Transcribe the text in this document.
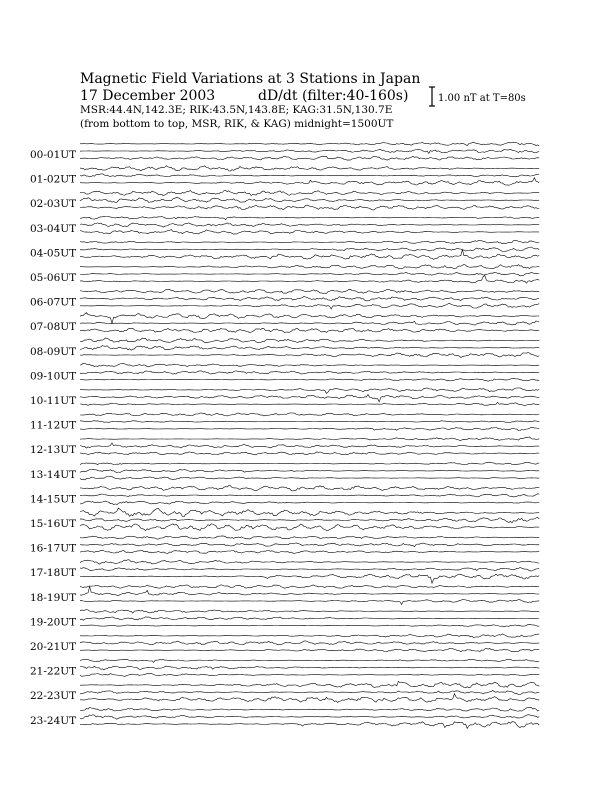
Magnetic Field Variations at 3 Stations in Japan
17 December 2003	dD/dt (filter:40-160s)
MSR:44.4N,142.3E; RIK:43.5N,143.8E; KAG:31.5N,130.7E
(from bottom to top, MSR, RIK, & KAG) midnight=1500UT
1.00 nT at T=80s
00-01UT
01-02UT
02-03UT
03-04UT
04-05UT
05-06UT
06-07UT
07-08UT
08-09UT
09-10UT
10-11UT
11-12UT
12-13UT
13-14UT
14-15UT
15-16UT
16-17UT
17-18UT
18-19UT
19-20UT
20-21UT
21-22UT
22-23UT
23-24UT
